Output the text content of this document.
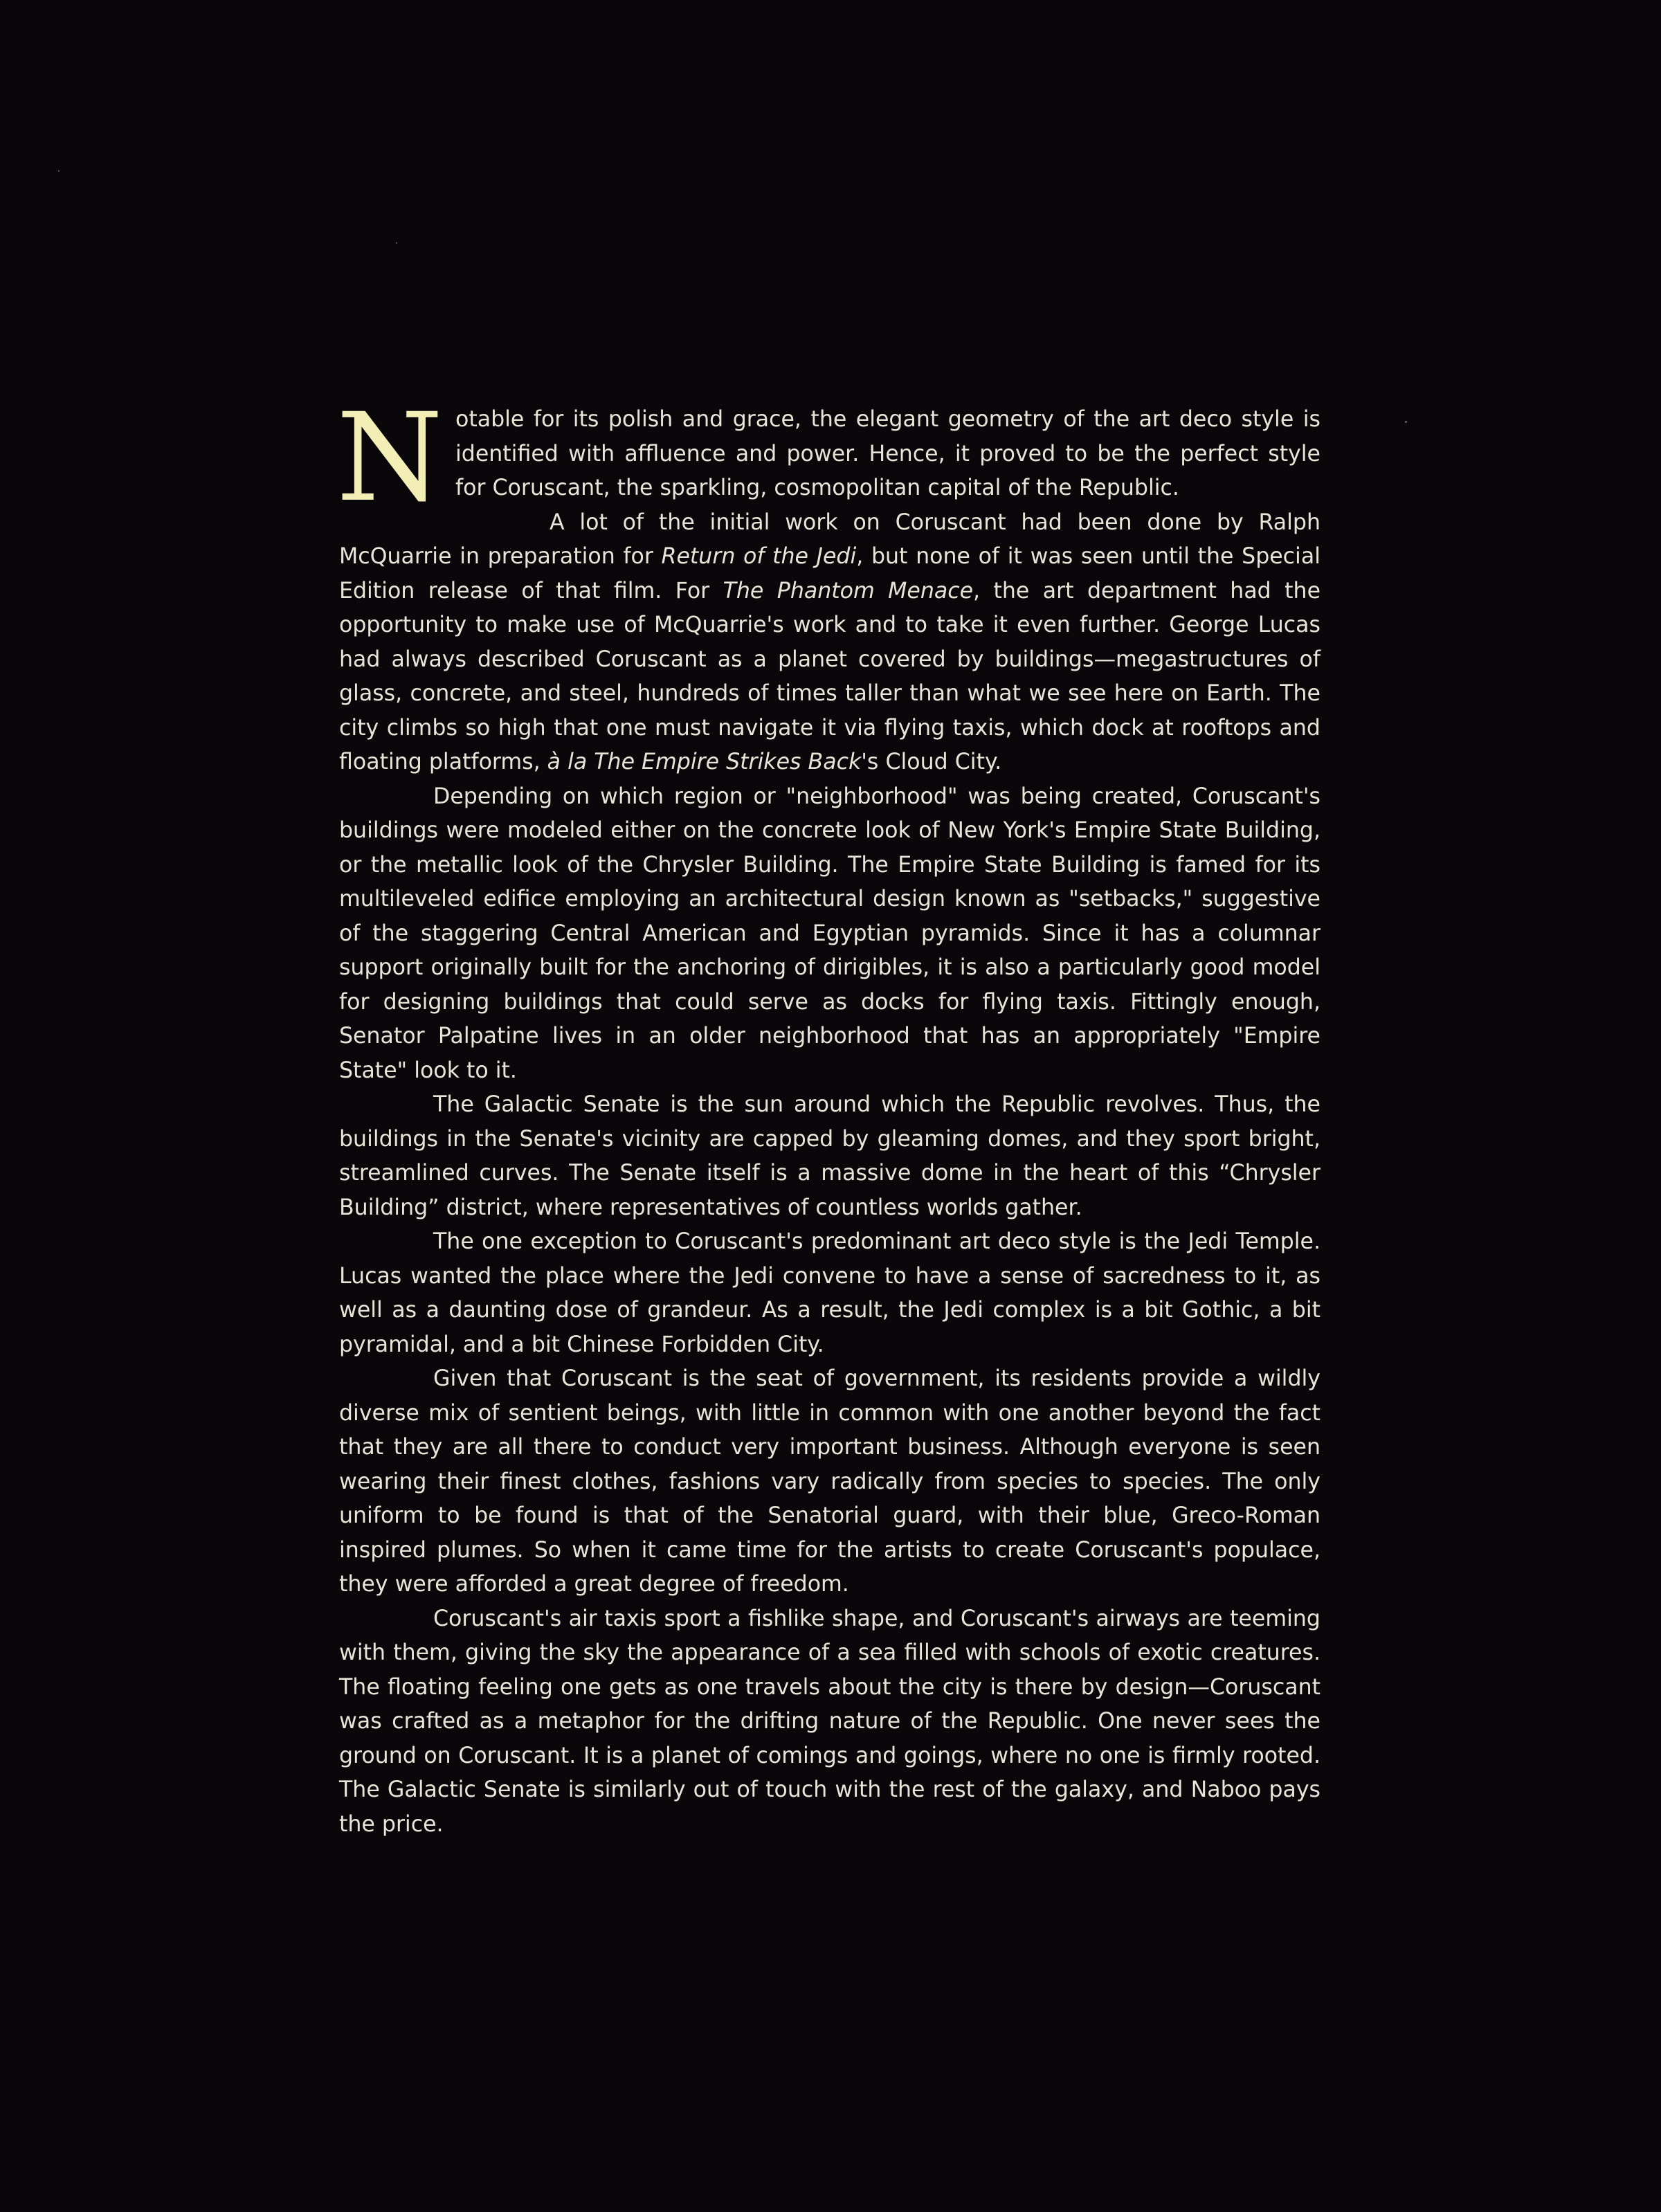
N otable for its polish and grace, the elegant geometry of the art deco style is identified with affluence and power. Hence, it proved to be the perfect style for Coruscant, the sparkling, cosmopolitan capital of the Republic.

A lot of the initial work on Coruscant had been done by Ralph McQuarrie in preparation for Return of the Jedi, but none of it was seen until the Special Edition release of that film. For The Phantom Menace, the art department had the opportunity to make use of McQuarrie's work and to take it even further. George Lucas had always described Coruscant as a planet covered by buildings—megastructures of glass, concrete, and steel, hundreds of times taller than what we see here on Earth. The city climbs so high that one must navigate it via flying taxis, which dock at rooftops and floating platforms, à la The Empire Strikes Back's Cloud City.

Depending on which region or "neighborhood" was being created, Coruscant's buildings were modeled either on the concrete look of New York's Empire State Building, or the metallic look of the Chrysler Building. The Empire State Building is famed for its multileveled edifice employing an architectural design known as "setbacks," suggestive of the staggering Central American and Egyptian pyramids. Since it has a columnar support originally built for the anchoring of dirigibles, it is also a particularly good model for designing buildings that could serve as docks for flying taxis. Fittingly enough, Senator Palpatine lives in an older neighborhood that has an appropriately "Empire State" look to it.

The Galactic Senate is the sun around which the Republic revolves. Thus, the buildings in the Senate's vicinity are capped by gleaming domes, and they sport bright, streamlined curves. The Senate itself is a massive dome in the heart of this “Chrysler Building” district, where representatives of countless worlds gather.

The one exception to Coruscant's predominant art deco style is the Jedi Temple. Lucas wanted the place where the Jedi convene to have a sense of sacredness to it, as well as a daunting dose of grandeur. As a result, the Jedi complex is a bit Gothic, a bit pyramidal, and a bit Chinese Forbidden City.

Given that Coruscant is the seat of government, its residents provide a wildly diverse mix of sentient beings, with little in common with one another beyond the fact that they are all there to conduct very important business. Although everyone is seen wearing their finest clothes, fashions vary radically from species to species. The only uniform to be found is that of the Senatorial guard, with their blue, Greco-Roman inspired plumes. So when it came time for the artists to create Coruscant's populace, they were afforded a great degree of freedom.

Coruscant's air taxis sport a fishlike shape, and Coruscant's airways are teeming with them, giving the sky the appearance of a sea filled with schools of exotic creatures. The floating feeling one gets as one travels about the city is there by design—Coruscant was crafted as a metaphor for the drifting nature of the Republic. One never sees the ground on Coruscant. It is a planet of comings and goings, where no one is firmly rooted. The Galactic Senate is similarly out of touch with the rest of the galaxy, and Naboo pays the price.
